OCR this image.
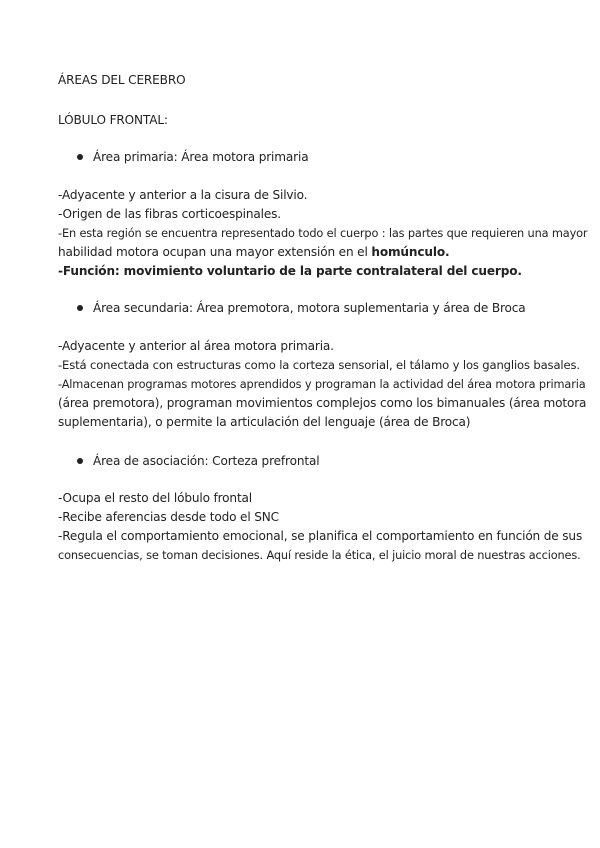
ÁREAS DEL CEREBRO
LÓBULO FRONTAL:
Área primaria: Área motora primaria
-Adyacente y anterior a la cisura de Silvio.
-Origen de las fibras corticoespinales.
-En esta región se encuentra representado todo el cuerpo : las partes que requieren una mayor
habilidad motora ocupan una mayor extensión en el homúnculo.
-Función: movimiento voluntario de la parte contralateral del cuerpo.
Área secundaria: Área premotora, motora suplementaria y área de Broca
-Adyacente y anterior al área motora primaria.
-Está conectada con estructuras como la corteza sensorial, el tálamo y los ganglios basales.
-Almacenan programas motores aprendidos y programan la actividad del área motora primaria
(área premotora), programan movimientos complejos como los bimanuales (área motora
suplementaria), o permite la articulación del lenguaje (área de Broca)
Área de asociación: Corteza prefrontal
-Ocupa el resto del lóbulo frontal
-Recibe aferencias desde todo el SNC
-Regula el comportamiento emocional, se planifica el comportamiento en función de sus
consecuencias, se toman decisiones. Aquí reside la ética, el juicio moral de nuestras acciones.
